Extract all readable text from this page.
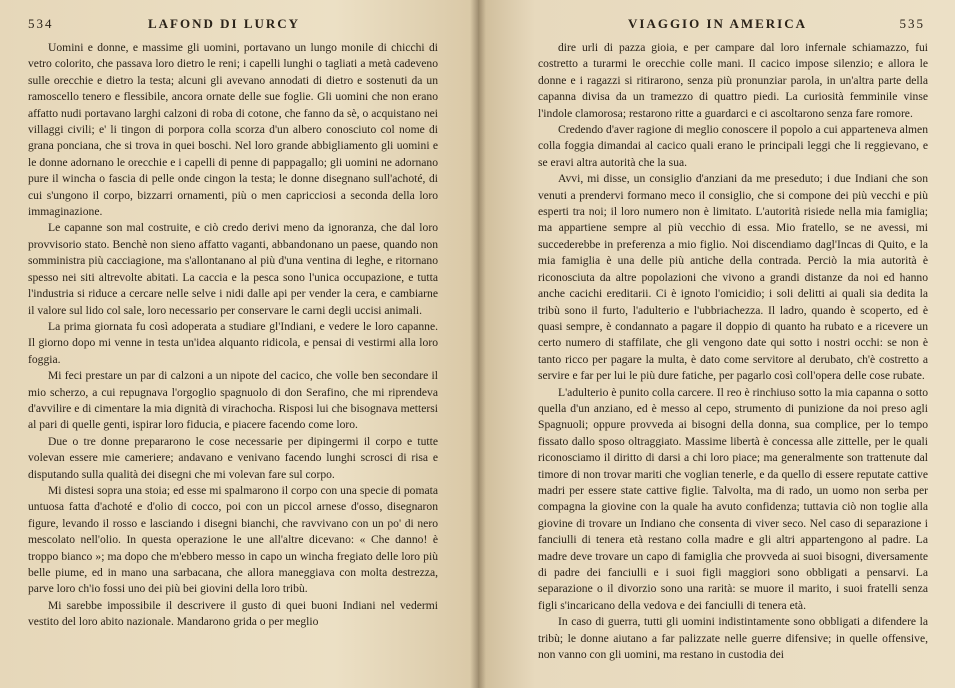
534	LAFOND DI LURCY

Uomini e donne, e massime gli uomini, portavano un lungo monile di chicchi di vetro colorito, che passava loro dietro le reni; i capelli lunghi o tagliati a metà cadeveno sulle orecchie e dietro la testa; alcuni gli avevano annodati di dietro e sostenuti da un ramoscello tenero e flessibile, ancora ornate delle sue foglie. Gli uomini che non erano affatto nudi portavano larghi calzoni di roba di cotone, che fanno da sè, o acquistano nei villaggi civili; e' li tingon di porpora colla scorza d'un albero conosciuto col nome di grana ponciana, che si trova in quei boschi. Nel loro grande abbigliamento gli uomini e le donne adornano le orecchie e i capelli di penne di pappagallo; gli uomini ne adornano pure il wincha o fascia di pelle onde cingon la testa; le donne disegnano sull'achoté, di cui s'ungono il corpo, bizzarri ornamenti, più o men capricciosi a seconda della loro immaginazione.

Le capanne son mal costruite, e ciò credo derivi meno da ignoranza, che dal loro provvisorio stato. Benchè non sieno affatto vaganti, abbandonano un paese, quando non somministra più cacciagione, ma s'allontanano al più d'una ventina di leghe, e ritornano spesso nei siti altrevolte abitati. La caccia e la pesca sono l'unica occupazione, e tutta l'industria si riduce a cercare nelle selve i nidi dalle api per vender la cera, e cambiarne il valore sul lido col sale, loro necessario per conservare le carni degli uccisi animali.

La prima giornata fu così adoperata a studiare gl'Indiani, e vedere le loro capanne. Il giorno dopo mi venne in testa un'idea alquanto ridicola, e pensai di vestirmi alla loro foggia.

Mi feci prestare un par di calzoni a un nipote del cacico, che volle ben secondare il mio scherzo, a cui repugnava l'orgoglio spagnuolo di don Serafino, che mi riprendeva d'avvilire e di cimentare la mia dignità di virachocha. Risposi lui che bisognava mettersi al pari di quelle genti, ispirar loro fiducia, e piacere facendo come loro.

Due o tre donne prepararono le cose necessarie per dipingermi il corpo e tutte volevan essere mie cameriere; andavano e venivano facendo lunghi scrosci di risa e disputando sulla qualità dei disegni che mi volevan fare sul corpo.

Mi distesi sopra una stoia; ed esse mi spalmarono il corpo con una specie di pomata untuosa fatta d'achoté e d'olio di cocco, poi con un piccol arnese d'osso, disegnaron figure, levando il rosso e lasciando i disegni bianchi, che ravvivano con un po' di nero mescolato nell'olio. In questa operazione le une all'altre dicevano: « Che danno! è troppo bianco »; ma dopo che m'ebbero messo in capo un wincha fregiato delle loro più belle piume, ed in mano una sarbacana, che allora maneggiava con molta destrezza, parve loro ch'io fossi uno dei più bei giovini della loro tribù.

Mi sarebbe impossibile il descrivere il gusto di quei buoni Indiani nel vedermi vestito del loro abito nazionale. Mandarono grida o per meglio

VIAGGIO IN AMERICA	535

dire urli di pazza gioia, e per campare dal loro infernale schiamazzo, fui costretto a turarmi le orecchie colle mani. Il cacico impose silenzio; e allora le donne e i ragazzi si ritirarono, senza più pronunziar parola, in un'altra parte della capanna divisa da un tramezzo di quattro piedi. La curiosità femminile vinse l'indole clamorosa; restarono ritte a guardarci e ci ascoltarono senza fare romore.

Credendo d'aver ragione di meglio conoscere il popolo a cui apparteneva almen colla foggia dimandai al cacico quali erano le principali leggi che li reggievano, e se eravi altra autorità che la sua.

Avvi, mi disse, un consiglio d'anziani da me preseduto; i due Indiani che son venuti a prendervi formano meco il consiglio, che si compone dei più vecchi e più esperti tra noi; il loro numero non è limitato. L'autorità risiede nella mia famiglia; ma appartiene sempre al più vecchio di essa. Mio fratello, se ne avessi, mi succederebbe in preferenza a mio figlio. Noi discendiamo dagl'Incas di Quito, e la mia famiglia è una delle più antiche della contrada. Perciò la mia autorità è riconosciuta da altre popolazioni che vivono a grandi distanze da noi ed hanno anche cacichi ereditarii. Ci è ignoto l'omicidio; i soli delitti ai quali sia dedita la tribù sono il furto, l'adulterio e l'ubbriachezza. Il ladro, quando è scoperto, ed è quasi sempre, è condannato a pagare il doppio di quanto ha rubato e a ricevere un certo numero di staffilate, che gli vengono date qui sotto i nostri occhi: se non è tanto ricco per pagare la multa, è dato come servitore al derubato, ch'è costretto a servire e far per lui le più dure fatiche, per pagarlo così coll'opera delle cose rubate.

L'adulterio è punito colla carcere. Il reo è rinchiuso sotto la mia capanna o sotto quella d'un anziano, ed è messo al cepo, strumento di punizione da noi preso agli Spagnuoli; oppure provveda ai bisogni della donna, sua complice, per lo tempo fissato dallo sposo oltraggiato. Massime libertà è concessa alle zittelle, per le quali riconosciamo il diritto di darsi a chi loro piace; ma generalmente son trattenute dal timore di non trovar mariti che voglian tenerle, e da quello di essere reputate cattive madri per essere state cattive figlie. Talvolta, ma di rado, un uomo non serba per compagna la giovine con la quale ha avuto confidenza; tuttavia ciò non toglie alla giovine di trovare un Indiano che consenta di viver seco. Nel caso di separazione i fanciulli di tenera età restano colla madre e gli altri appartengono al padre. La madre deve trovare un capo di famiglia che provveda ai suoi bisogni, diversamente di padre dei fanciulli e i suoi figli maggiori sono obbligati a pensarvi. La separazione o il divorzio sono una rarità: se muore il marito, i suoi fratelli senza figli s'incaricano della vedova e dei fanciulli di tenera età.

In caso di guerra, tutti gli uomini indistintamente sono obbligati a difendere la tribù; le donne aiutano a far palizzate nelle guerre difensive; in quelle offensive, non vanno con gli uomini, ma restano in custodia dei
